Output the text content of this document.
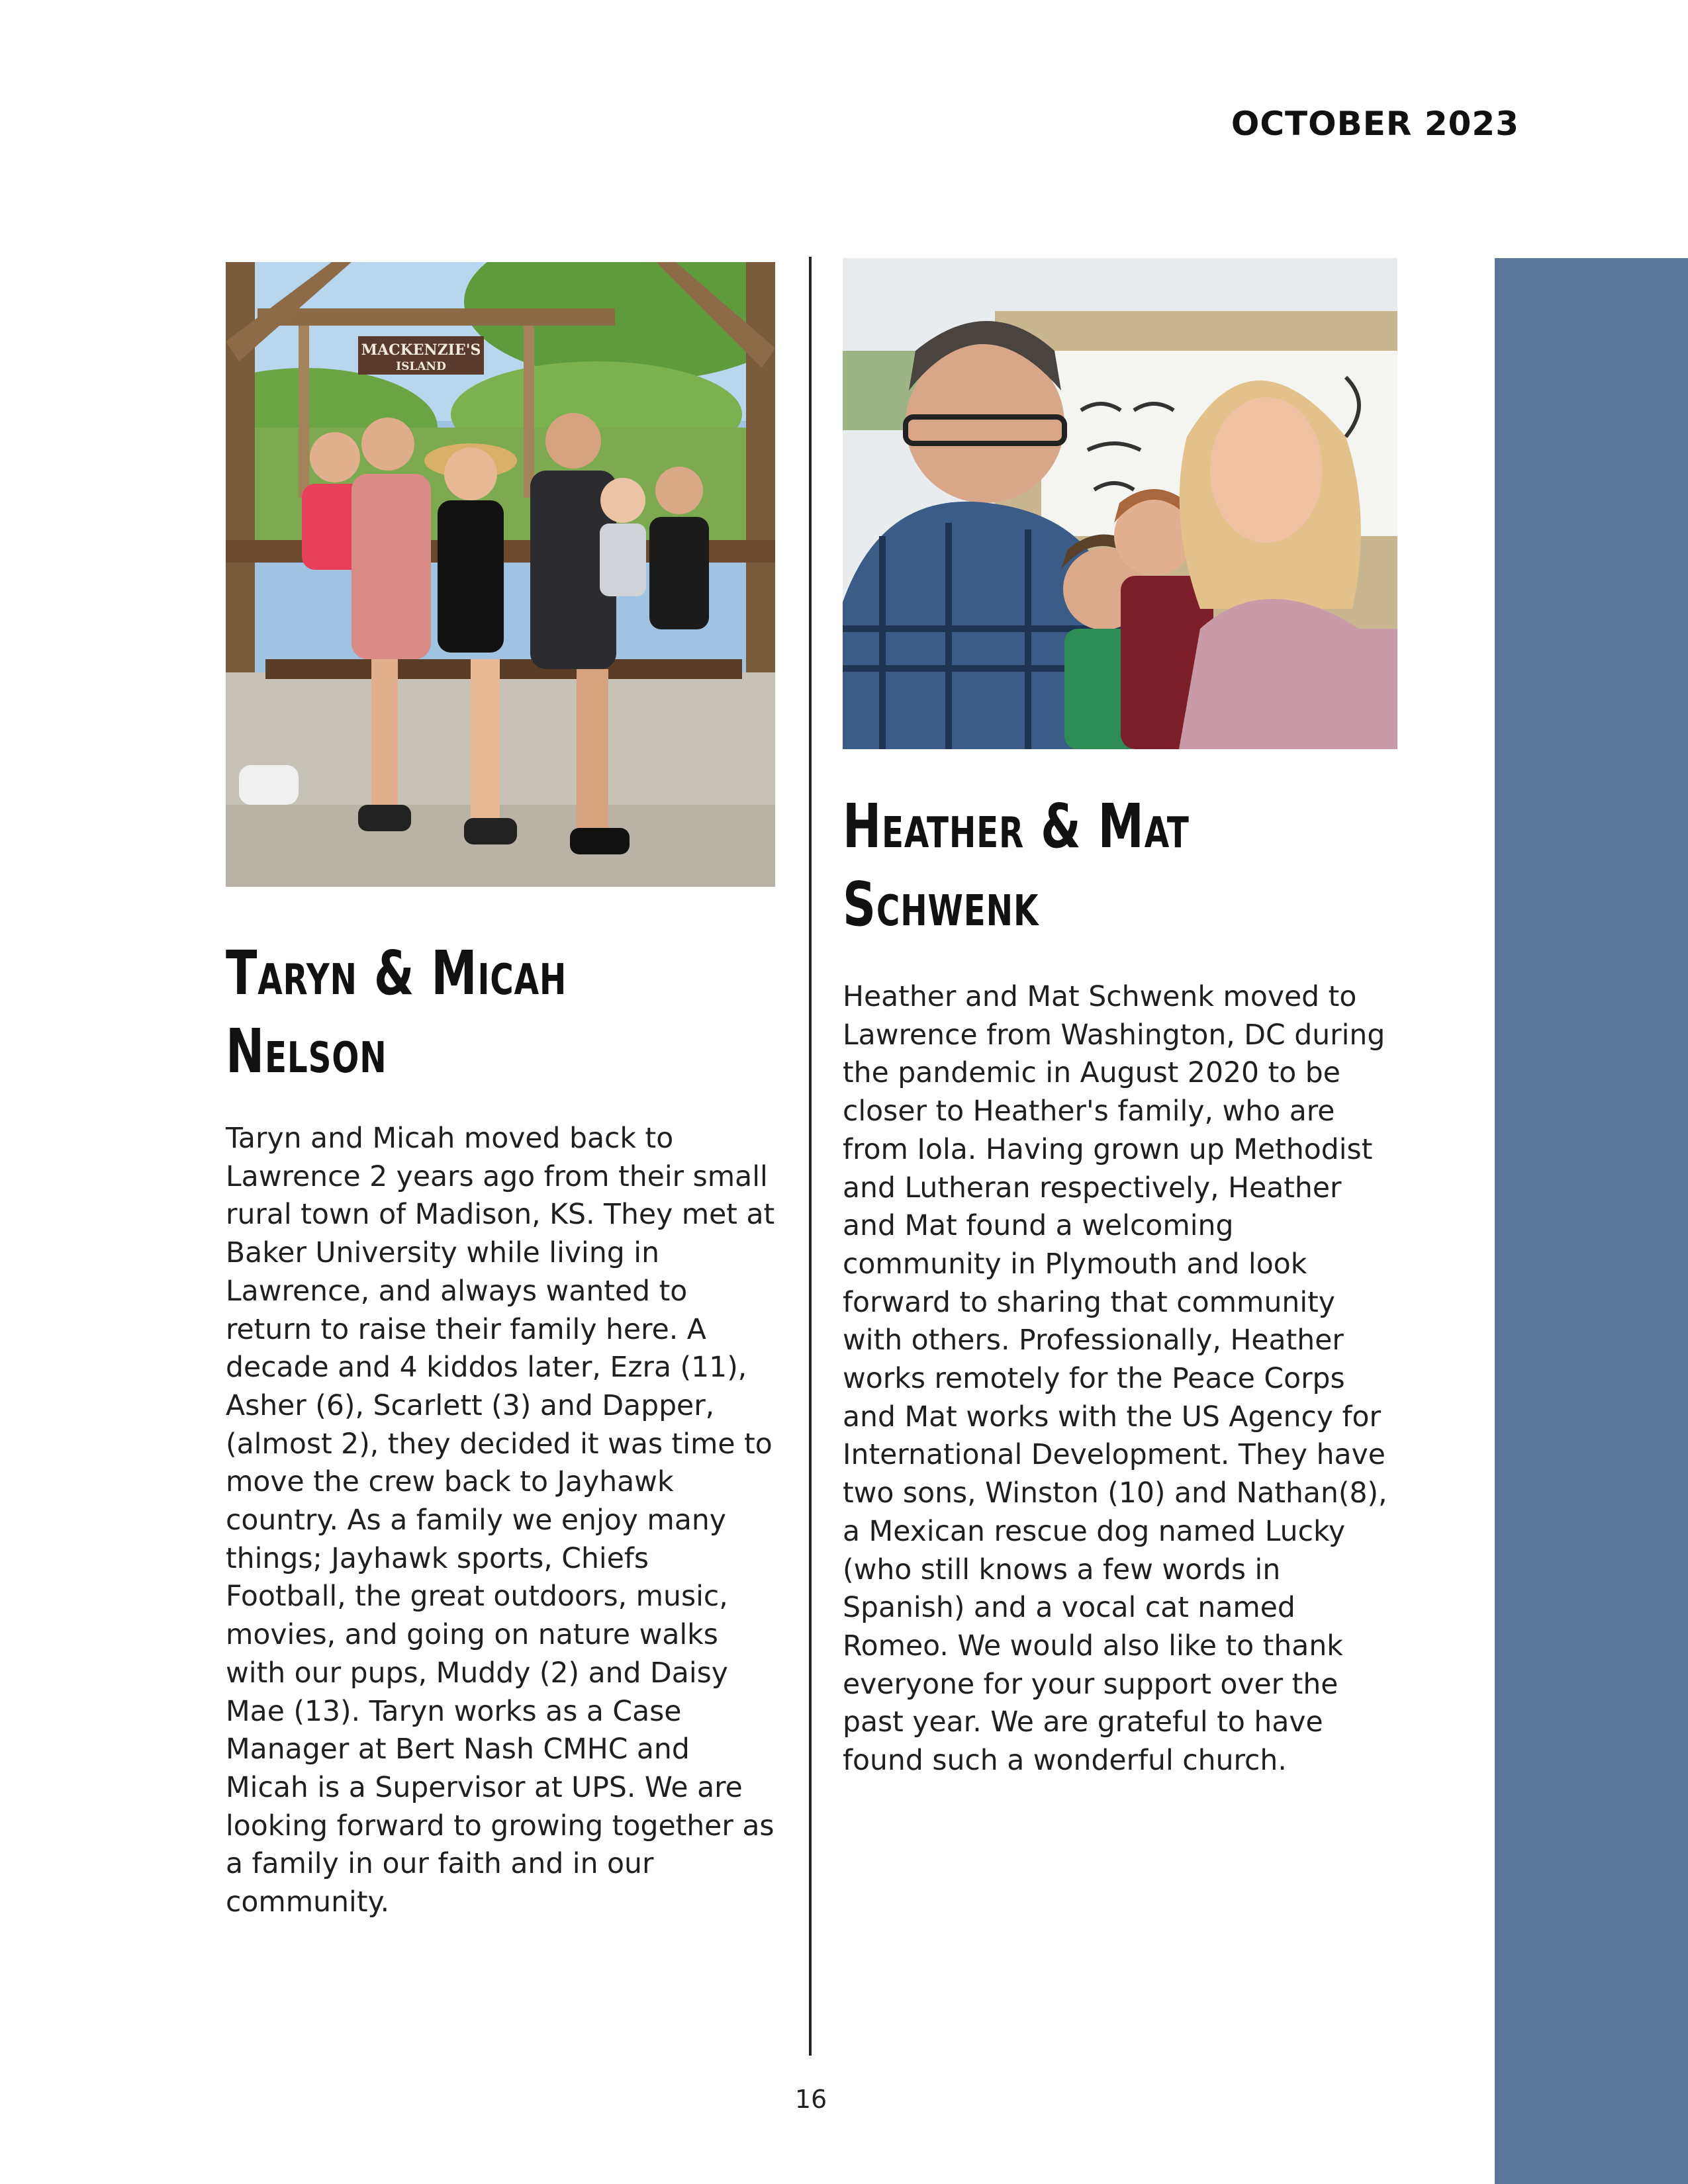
OCTOBER 2023
MACKENZIE'S
ISLAND
Taryn & Micah
Nelson
Heather & Mat
Schwenk

Taryn and Micah moved back to Lawrence 2 years ago from their small rural town of Madison, KS. They met at Baker University while living in Lawrence, and always wanted to return to raise their family here. A decade and 4 kiddos later, Ezra (11), Asher (6), Scarlett (3) and Dapper, (almost 2), they decided it was time to move the crew back to Jayhawk country. As a family we enjoy many things; Jayhawk sports, Chiefs Football, the great outdoors, music, movies, and going on nature walks with our pups, Muddy (2) and Daisy Mae (13). Taryn works as a Case Manager at Bert Nash CMHC and Micah is a Supervisor at UPS. We are looking forward to growing together as a family in our faith and in our community.

Heather and Mat Schwenk moved to Lawrence from Washington, DC during the pandemic in August 2020 to be closer to Heather's family, who are from Iola. Having grown up Methodist and Lutheran respectively, Heather and Mat found a welcoming community in Plymouth and look forward to sharing that community with others. Professionally, Heather works remotely for the Peace Corps and Mat works with the US Agency for International Development. They have two sons, Winston (10) and Nathan(8), a Mexican rescue dog named Lucky (who still knows a few words in Spanish) and a vocal cat named Romeo. We would also like to thank everyone for your support over the past year. We are grateful to have found such a wonderful church.

16
